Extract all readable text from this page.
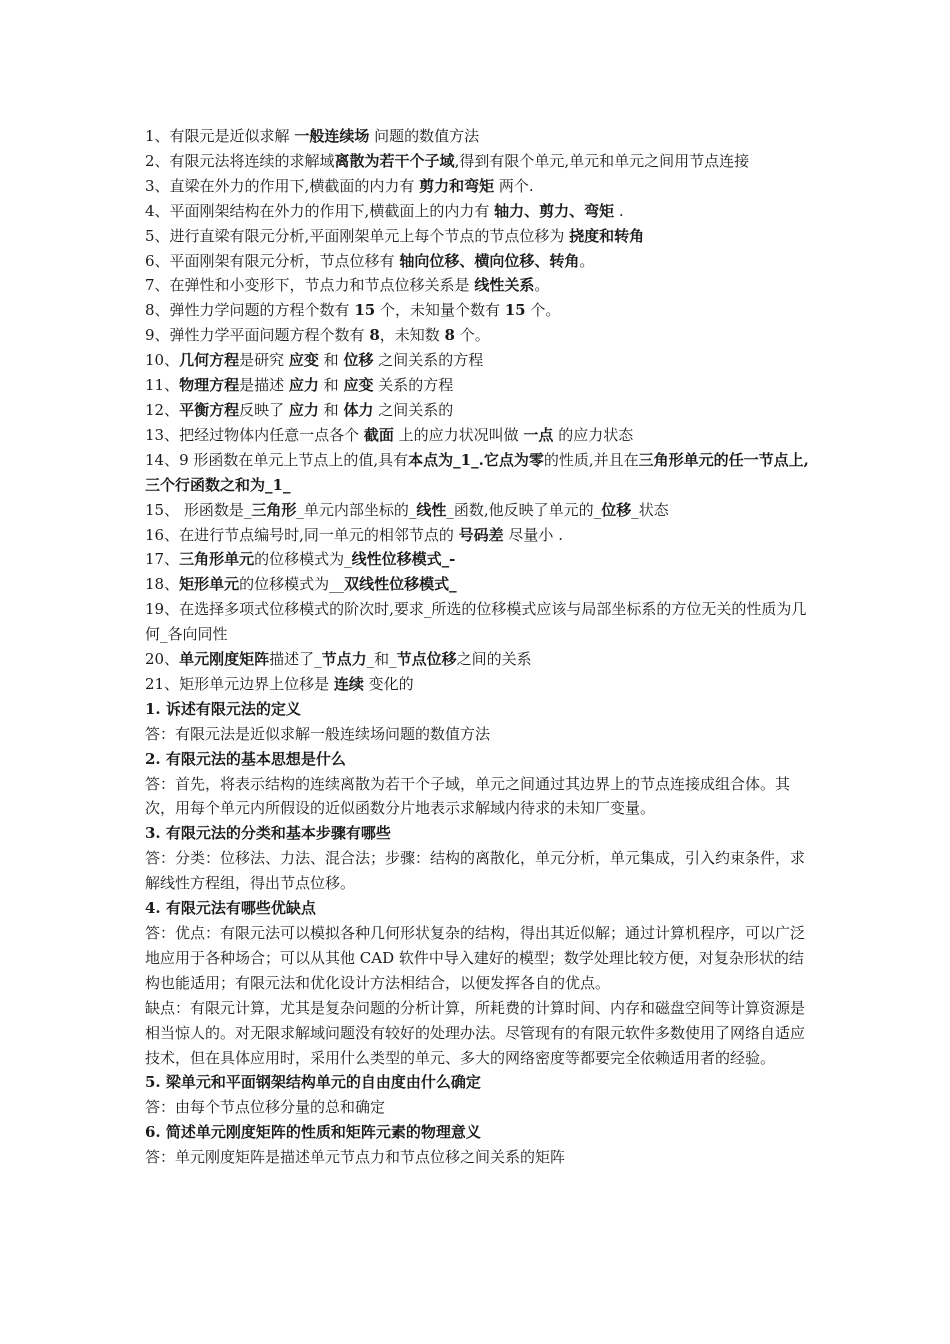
1、有限元是近似求解 一般连续场 问题的数值方法

2、有限元法将连续的求解域离散为若干个子域,得到有限个单元,单元和单元之间用节点连接

3、直梁在外力的作用下,横截面的内力有 剪力和弯矩 两个.

4、平面刚架结构在外力的作用下,横截面上的内力有 轴力、剪力、弯矩 .

5、进行直梁有限元分析,平面刚架单元上每个节点的节点位移为 挠度和转角

6、平面刚架有限元分析，节点位移有 轴向位移、横向位移、转角。

7、在弹性和小变形下，节点力和节点位移关系是 线性关系。

8、弹性力学问题的方程个数有 15 个，未知量个数有 15 个。

9、弹性力学平面问题方程个数有 8，未知数 8 个。

10、几何方程是研究 应变 和 位移 之间关系的方程

11、物理方程是描述 应力 和 应变 关系的方程

12、平衡方程反映了 应力 和 体力 之间关系的

13、把经过物体内任意一点各个 截面 上的应力状况叫做 一点 的应力状态

14、9 形函数在单元上节点上的值,具有本点为_1_.它点为零的性质,并且在三角形单元的任一节点上,三个行函数之和为_1_

15、 形函数是_三角形_单元内部坐标的_线性_函数,他反映了单元的_位移_状态

16、在进行节点编号时,同一单元的相邻节点的 号码差 尽量小 .

17、三角形单元的位移模式为_线性位移模式_-

18、矩形单元的位移模式为__双线性位移模式_

19、在选择多项式位移模式的阶次时,要求_所选的位移模式应该与局部坐标系的方位无关的性质为几何_各向同性

20、单元刚度矩阵描述了_节点力_和_节点位移之间的关系

21、矩形单元边界上位移是 连续 变化的

1. 诉述有限元法的定义

答：有限元法是近似求解一般连续场问题的数值方法

2. 有限元法的基本思想是什么

答：首先，将表示结构的连续离散为若干个子域，单元之间通过其边界上的节点连接成组合体。其次，用每个单元内所假设的近似函数分片地表示求解域内待求的未知厂变量。

3. 有限元法的分类和基本步骤有哪些

答：分类：位移法、力法、混合法；步骤：结构的离散化，单元分析，单元集成，引入约束条件，求解线性方程组，得出节点位移。

4. 有限元法有哪些优缺点

答：优点：有限元法可以模拟各种几何形状复杂的结构，得出其近似解；通过计算机程序，可以广泛地应用于各种场合；可以从其他 CAD 软件中导入建好的模型；数学处理比较方便，对复杂形状的结构也能适用；有限元法和优化设计方法相结合，以便发挥各自的优点。

缺点：有限元计算，尤其是复杂问题的分析计算，所耗费的计算时间、内存和磁盘空间等计算资源是相当惊人的。对无限求解域问题没有较好的处理办法。尽管现有的有限元软件多数使用了网络自适应技术，但在具体应用时，采用什么类型的单元、多大的网络密度等都要完全依赖适用者的经验。

5. 梁单元和平面钢架结构单元的自由度由什么确定

答：由每个节点位移分量的总和确定

6. 简述单元刚度矩阵的性质和矩阵元素的物理意义

答：单元刚度矩阵是描述单元节点力和节点位移之间关系的矩阵
